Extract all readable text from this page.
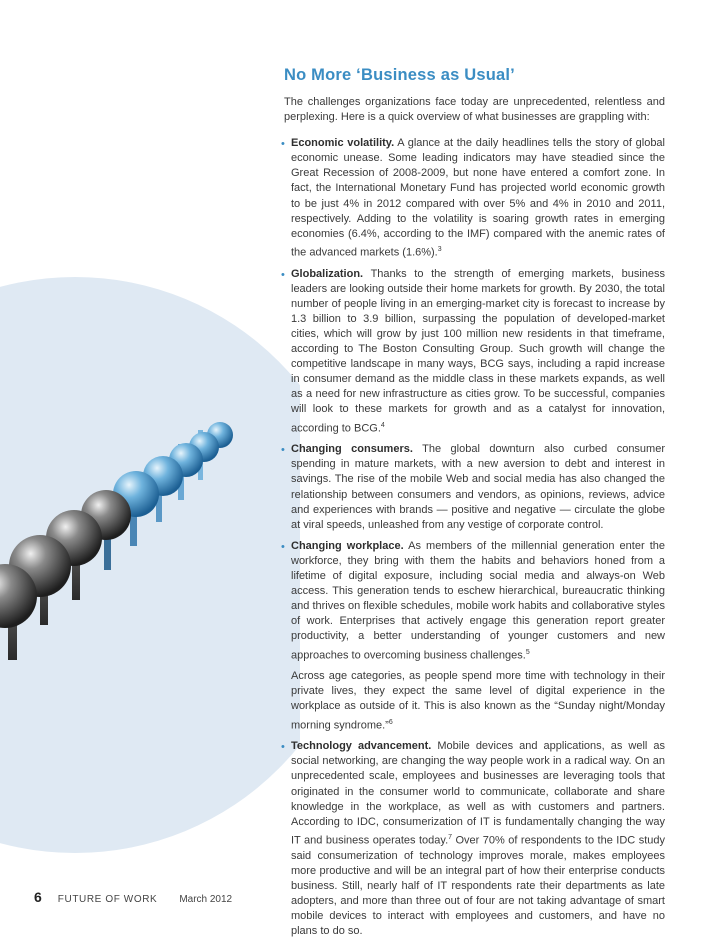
No More ‘Business as Usual’

The challenges organizations face today are unprecedented, relentless and perplexing. Here is a quick overview of what businesses are grappling with:

• Economic volatility. A glance at the daily headlines tells the story of global economic unease. Some leading indicators may have steadied since the Great Recession of 2008-2009, but none have entered a comfort zone. In fact, the International Monetary Fund has projected world economic growth to be just 4% in 2012 compared with over 5% and 4% in 2010 and 2011, respectively. Adding to the volatility is soaring growth rates in emerging economies (6.4%, according to the IMF) compared with the anemic rates of the advanced markets (1.6%).$^3$

• Globalization. Thanks to the strength of emerging markets, business leaders are looking outside their home markets for growth. By 2030, the total number of people living in an emerging-market city is forecast to increase by 1.3 billion to 3.9 billion, surpassing the population of developed-market cities, which will grow by just 100 million new residents in that timeframe, according to The Boston Consulting Group. Such growth will change the competitive landscape in many ways, BCG says, including a rapid increase in consumer demand as the middle class in these markets expands, as well as a need for new infrastructure as cities grow. To be successful, companies will look to these markets for growth and as a catalyst for innovation, according to BCG.$^4$

• Changing consumers. The global downturn also curbed consumer spending in mature markets, with a new aversion to debt and interest in savings. The rise of the mobile Web and social media has also changed the relationship between consumers and vendors, as opinions, reviews, advice and experiences with brands — positive and negative — circulate the globe at viral speeds, unleashed from any vestige of corporate control.

• Changing workplace. As members of the millennial generation enter the workforce, they bring with them the habits and behaviors honed from a lifetime of digital exposure, including social media and always-on Web access. This generation tends to eschew hierarchical, bureaucratic thinking and thrives on flexible schedules, mobile work habits and collaborative styles of work. Enterprises that actively engage this generation report greater productivity, a better understanding of younger customers and new approaches to overcoming business challenges.$^5$

Across age categories, as people spend more time with technology in their private lives, they expect the same level of digital experience in the workplace as outside of it. This is also known as the “Sunday night/Monday morning syndrome.”$^6$

• Technology advancement. Mobile devices and applications, as well as social networking, are changing the way people work in a radical way. On an unprecedented scale, employees and businesses are leveraging tools that originated in the consumer world to communicate, collaborate and share knowledge in the workplace, as well as with customers and partners. According to IDC, consumerization of IT is fundamentally changing the way IT and business operates today.$^7$ Over 70% of respondents to the IDC study said consumerization of technology improves morale, makes employees more productive and will be an integral part of how their enterprise conducts business. Still, nearly half of IT respondents rate their departments as late adopters, and more than three out of four are not taking advantage of smart mobile devices to interact with employees and customers, and have no plans to do so.

6 FUTURE OF WORK March 2012
